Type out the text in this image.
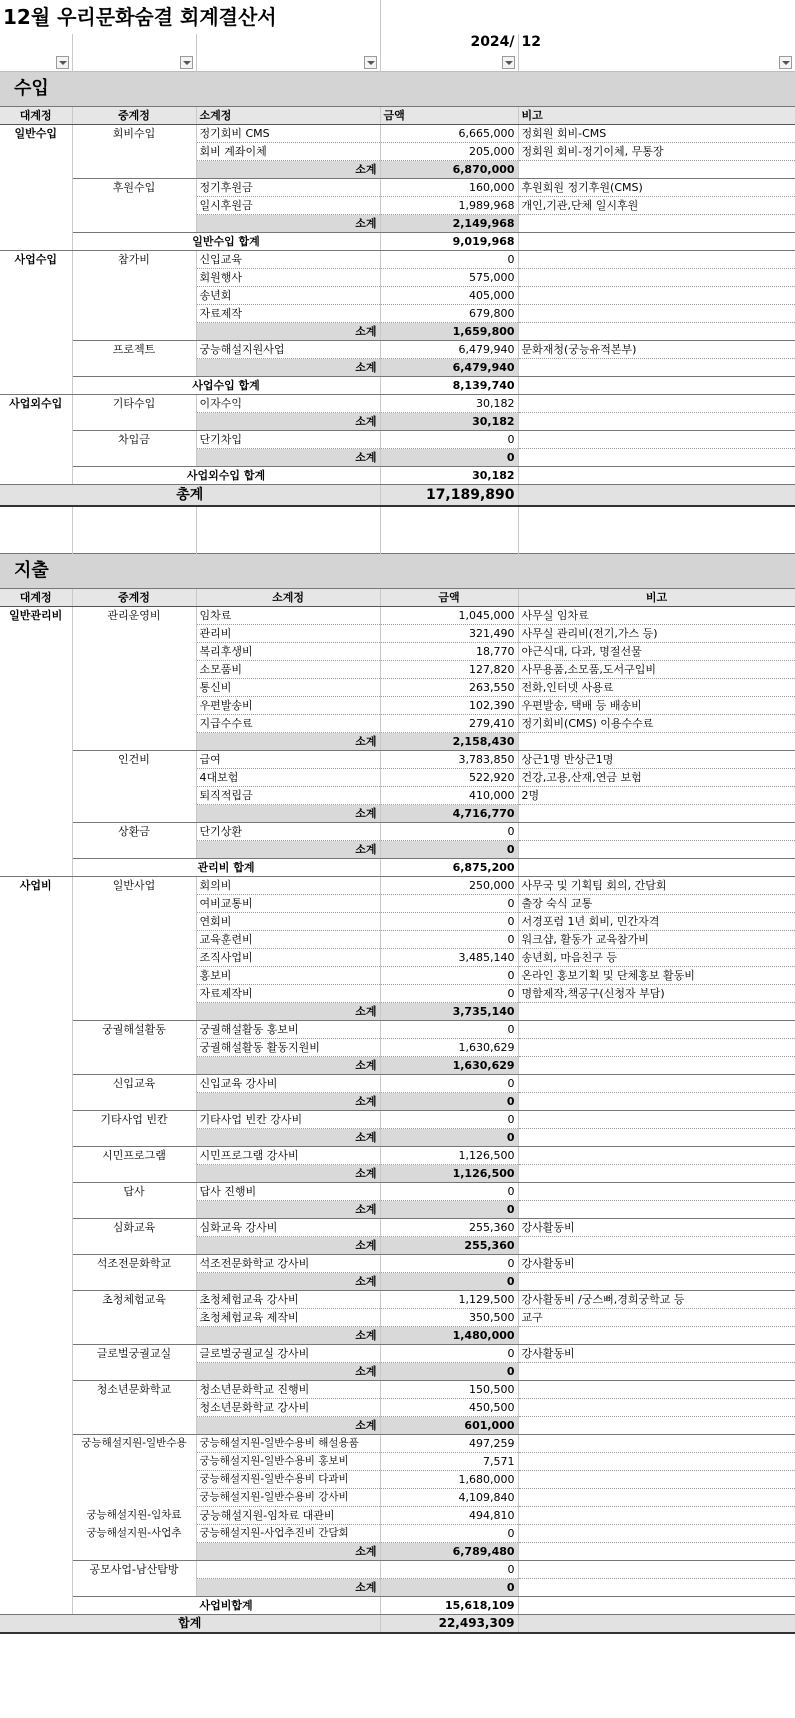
12월 우리문화숨결 회계결산서				
			2024/	12

수입				
대계정	중계정	소계정	금액	비고
일반수입	회비수입	정기회비 CMS	6,665,000	정회원 회비-CMS
		회비 계좌이체	205,000	정회원 회비-정기이체, 무통장
		소계	6,870,000	
	후원수입	정기후원금	160,000	후원회원 정기후원(CMS)
		일시후원금	1,989,968	개인,기관,단체 일시후원
		소계	2,149,968	
	일반수입 합계		9,019,968	
사업수입	참가비	신입교육	0	
		회원행사	575,000	
		송년회	405,000	
		자료제작	679,800	
		소계	1,659,800	
	프로젝트	궁능해설지원사업	6,479,940	문화재청(궁능유적본부)
		소계	6,479,940	
	사업수입 합계		8,139,740	
사업외수입	기타수입	이자수익	30,182	
		소계	30,182	
	차입금	단기차입	0	
		소계	0	
	사업외수입 합계		30,182	
총계			17,189,890	

지출				
대계정	중계정	소계정	금액	비고
일반관리비	관리운영비	임차료	1,045,000	사무실 임차료
		관리비	321,490	사무실 관리비(전기,가스 등)
		복리후생비	18,770	야근식대, 다과, 명절선물
		소모품비	127,820	사무용품,소모품,도서구입비
		통신비	263,550	전화,인터넷 사용료
		우편발송비	102,390	우편발송, 택배 등 배송비
		지급수수료	279,410	정기회비(CMS) 이용수수료
		소계	2,158,430	
	인건비	급여	3,783,850	상근1명 반상근1명
		4대보험	522,920	건강,고용,산재,연금 보험
		퇴직적립금	410,000	2명
		소계	4,716,770	
	상환금	단기상환	0	
		소계	0	
	관리비 합계		6,875,200	
사업비	일반사업	회의비	250,000	사무국 및 기획팀 회의, 간담회
		여비교통비	0	출장 숙식 교통
		연회비	0	서경포럼 1년 회비, 민간자격
		교육훈련비	0	워크샵, 활동가 교육참가비
		조직사업비	3,485,140	송년회, 마음친구 등
		홍보비	0	온라인 홍보기획 및 단체홍보 활동비
		자료제작비	0	명함제작,책공구(신청자 부담)
		소계	3,735,140	
	궁궐해설활동	궁궐해설활동 홍보비	0	
		궁궐해설활동 활동지원비	1,630,629	
		소계	1,630,629	
	신입교육	신입교육 강사비	0	
		소계	0	
	기타사업 빈칸	기타사업 빈칸 강사비	0	
		소계	0	
	시민프로그램	시민프로그램 강사비	1,126,500	
		소계	1,126,500	
	답사	답사 진행비	0	
		소계	0	
	심화교육	심화교육 강사비	255,360	강사활동비
		소계	255,360	
	석조전문화학교	석조전문화학교 강사비	0	강사활동비
		소계	0	
	초청체험교육	초청체험교육 강사비	1,129,500	강사활동비 /궁스뻐,경희궁학교 등
		초청체험교육 제작비	350,500	교구
		소계	1,480,000	
	글로벌궁궐교실	글로벌궁궐교실 강사비	0	강사활동비
		소계	0	
	청소년문화학교	청소년문화학교 진행비	150,500	
		청소년문화학교 강사비	450,500	
		소계	601,000	
	궁능해설지원-일반수용	궁능해설지원-일반수용비 해설용품	497,259	
		궁능해설지원-일반수용비 홍보비	7,571	
		궁능해설지원-일반수용비 다과비	1,680,000	
		궁능해설지원-일반수용비 강사비	4,109,840	
	궁능해설지원-임차료	궁능해설지원-임차료 대관비	494,810	
	궁능해설지원-사업추	궁능해설지원-사업추진비 간담회	0	
		소계	6,789,480	
	공모사업-남산탐방		0	
		소계	0	
	사업비합계		15,618,109	
합계			22,493,309	
